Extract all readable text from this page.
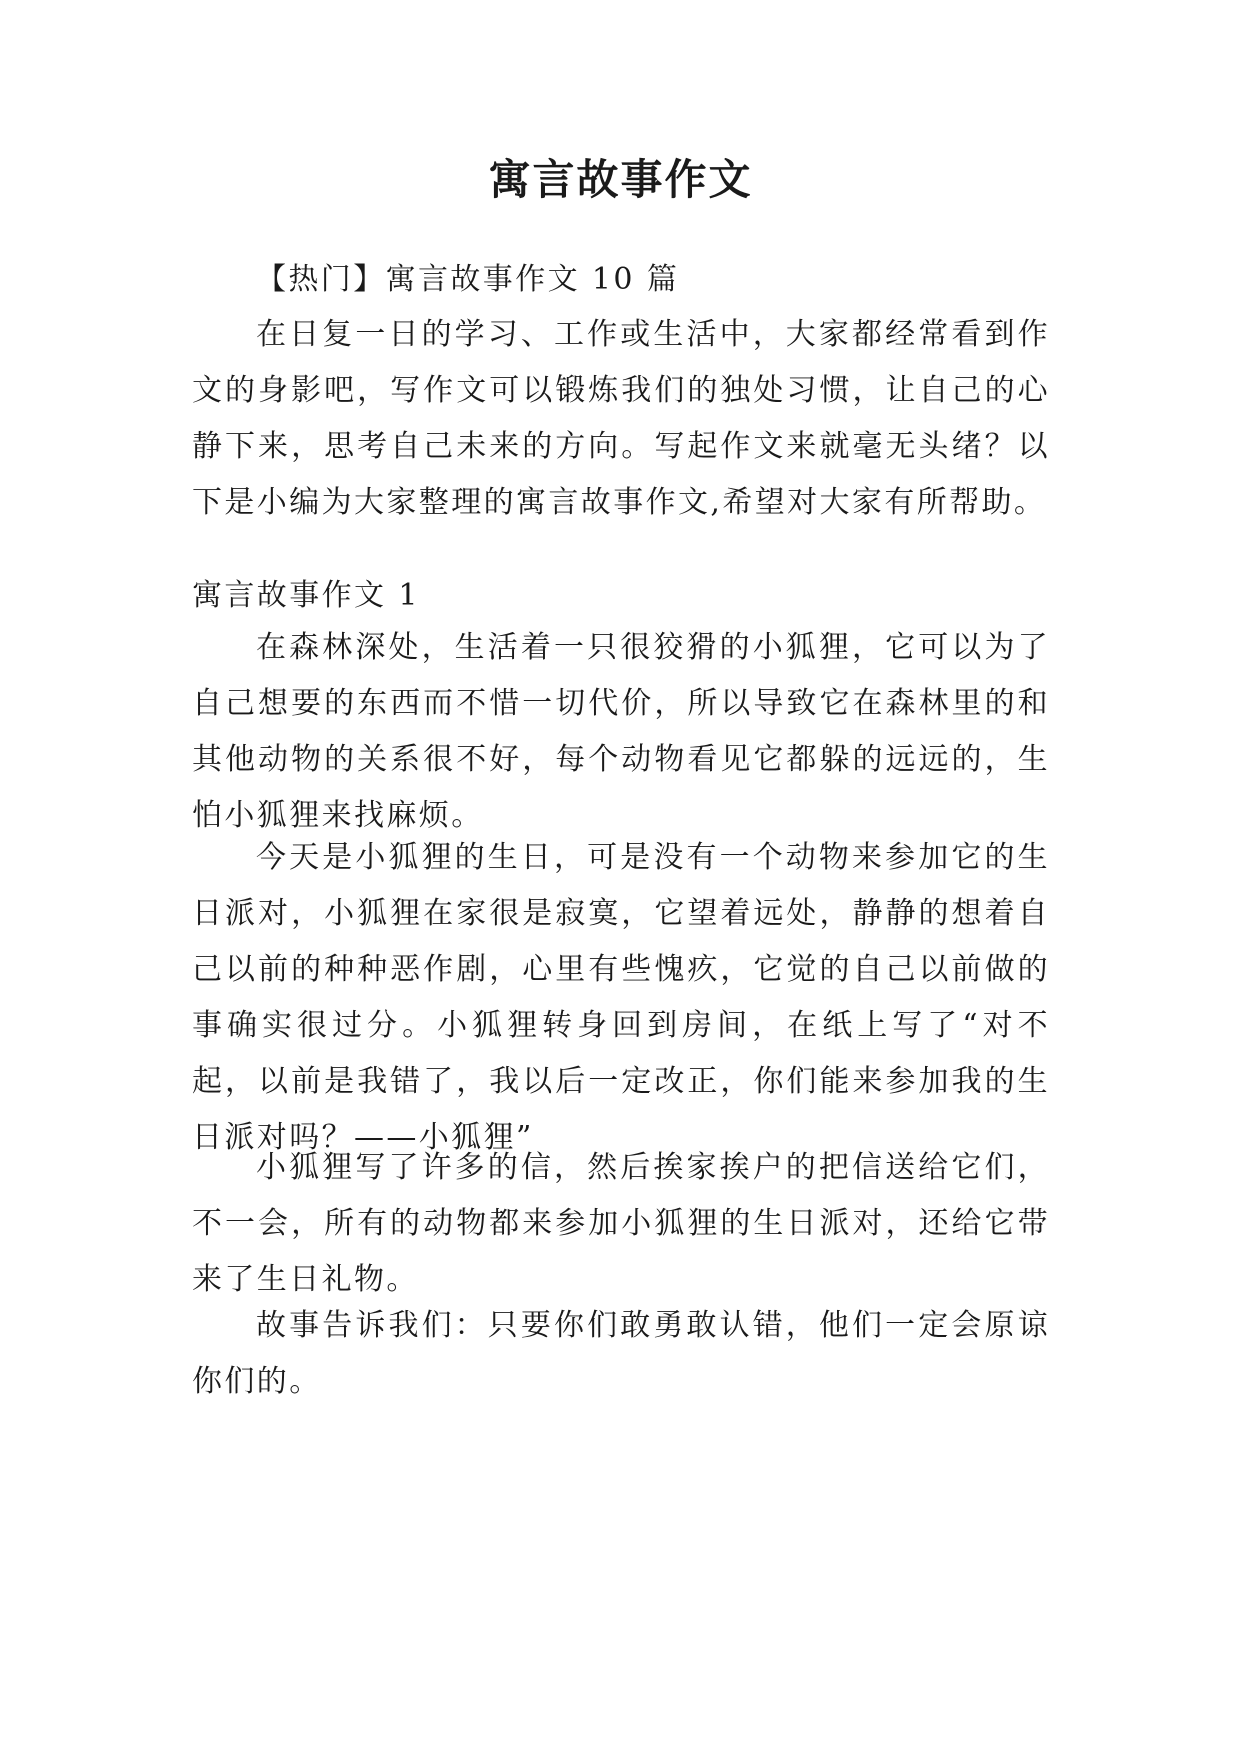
寓言故事作文

【热门】寓言故事作文 10 篇

在日复一日的学习、工作或生活中，大家都经常看到作文的身影吧，写作文可以锻炼我们的独处习惯，让自己的心静下来，思考自己未来的方向。写起作文来就毫无头绪？以下是小编为大家整理的寓言故事作文,希望对大家有所帮助。

寓言故事作文 1

在森林深处，生活着一只很狡猾的小狐狸，它可以为了自己想要的东西而不惜一切代价，所以导致它在森林里的和其他动物的关系很不好，每个动物看见它都躲的远远的，生怕小狐狸来找麻烦。

今天是小狐狸的生日，可是没有一个动物来参加它的生日派对，小狐狸在家很是寂寞，它望着远处，静静的想着自己以前的种种恶作剧，心里有些愧疚，它觉的自己以前做的事确实很过分。小狐狸转身回到房间，在纸上写了“对不起，以前是我错了，我以后一定改正，你们能来参加我的生日派对吗？——小狐狸”

小狐狸写了许多的信，然后挨家挨户的把信送给它们，不一会，所有的动物都来参加小狐狸的生日派对，还给它带来了生日礼物。

故事告诉我们：只要你们敢勇敢认错，他们一定会原谅你们的。
